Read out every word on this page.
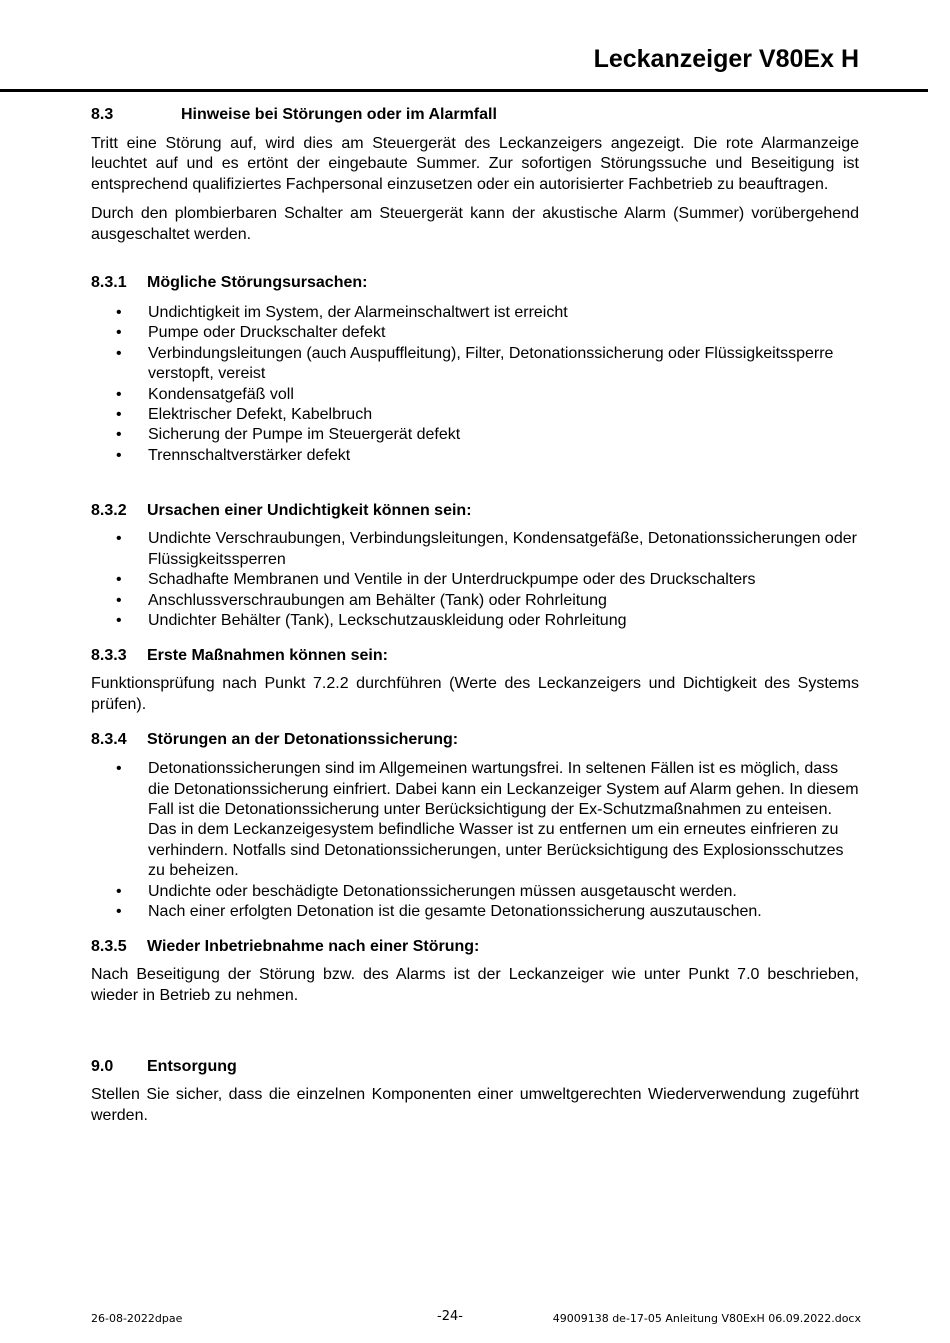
Leckanzeiger V80Ex H
8.3	Hinweise bei Störungen oder im Alarmfall

Tritt eine Störung auf, wird dies am Steuergerät des Leckanzeigers angezeigt. Die rote Alarmanzeige leuchtet auf und es ertönt der eingebaute Summer. Zur sofortigen Störungssuche und Beseitigung ist entsprechend qualifiziertes Fachpersonal einzusetzen oder ein autorisierter Fachbetrieb zu beauftragen.

Durch den plombierbaren Schalter am Steuergerät kann der akustische Alarm (Summer) vorübergehend ausgeschaltet werden.

8.3.1	Mögliche Störungsursachen:
• Undichtigkeit im System, der Alarmeinschaltwert ist erreicht
• Pumpe oder Druckschalter defekt
• Verbindungsleitungen (auch Auspuffleitung), Filter, Detonationssicherung oder Flüssigkeitssperre verstopft, vereist
• Kondensatgefäß voll
• Elektrischer Defekt, Kabelbruch
• Sicherung der Pumpe im Steuergerät defekt
• Trennschaltverstärker defekt
8.3.2	Ursachen einer Undichtigkeit können sein:
• Undichte Verschraubungen, Verbindungsleitungen, Kondensatgefäße, Detonationssicherungen oder Flüssigkeitssperren
• Schadhafte Membranen und Ventile in der Unterdruckpumpe oder des Druckschalters
• Anschlussverschraubungen am Behälter (Tank) oder Rohrleitung
• Undichter Behälter (Tank), Leckschutzauskleidung oder Rohrleitung
8.3.3	Erste Maßnahmen können sein:

Funktionsprüfung nach Punkt 7.2.2 durchführen (Werte des Leckanzeigers und Dichtigkeit des Systems prüfen).

8.3.4	Störungen an der Detonationssicherung:
• Detonationssicherungen sind im Allgemeinen wartungsfrei. In seltenen Fällen ist es möglich, dass die Detonationssicherung einfriert. Dabei kann ein Leckanzeiger System auf Alarm gehen. In diesem Fall ist die Detonationssicherung unter Berücksichtigung der Ex-Schutzmaßnahmen zu enteisen. Das in dem Leckanzeigesystem befindliche Wasser ist zu entfernen um ein erneutes einfrieren zu verhindern. Notfalls sind Detonationssicherungen, unter Berücksichtigung des Explosionsschutzes zu beheizen.
• Undichte oder beschädigte Detonationssicherungen müssen ausgetauscht werden.
• Nach einer erfolgten Detonation ist die gesamte Detonationssicherung auszutauschen.
8.3.5	Wieder Inbetriebnahme nach einer Störung:

Nach Beseitigung der Störung bzw. des Alarms ist der Leckanzeiger wie unter Punkt 7.0 beschrieben, wieder in Betrieb zu nehmen.

9.0	Entsorgung

Stellen Sie sicher, dass die einzelnen Komponenten einer umweltgerechten Wiederverwendung zugeführt werden.

26-08-2022dpae	-24-	49009138 de-17-05 Anleitung V80ExH 06.09.2022.docx
